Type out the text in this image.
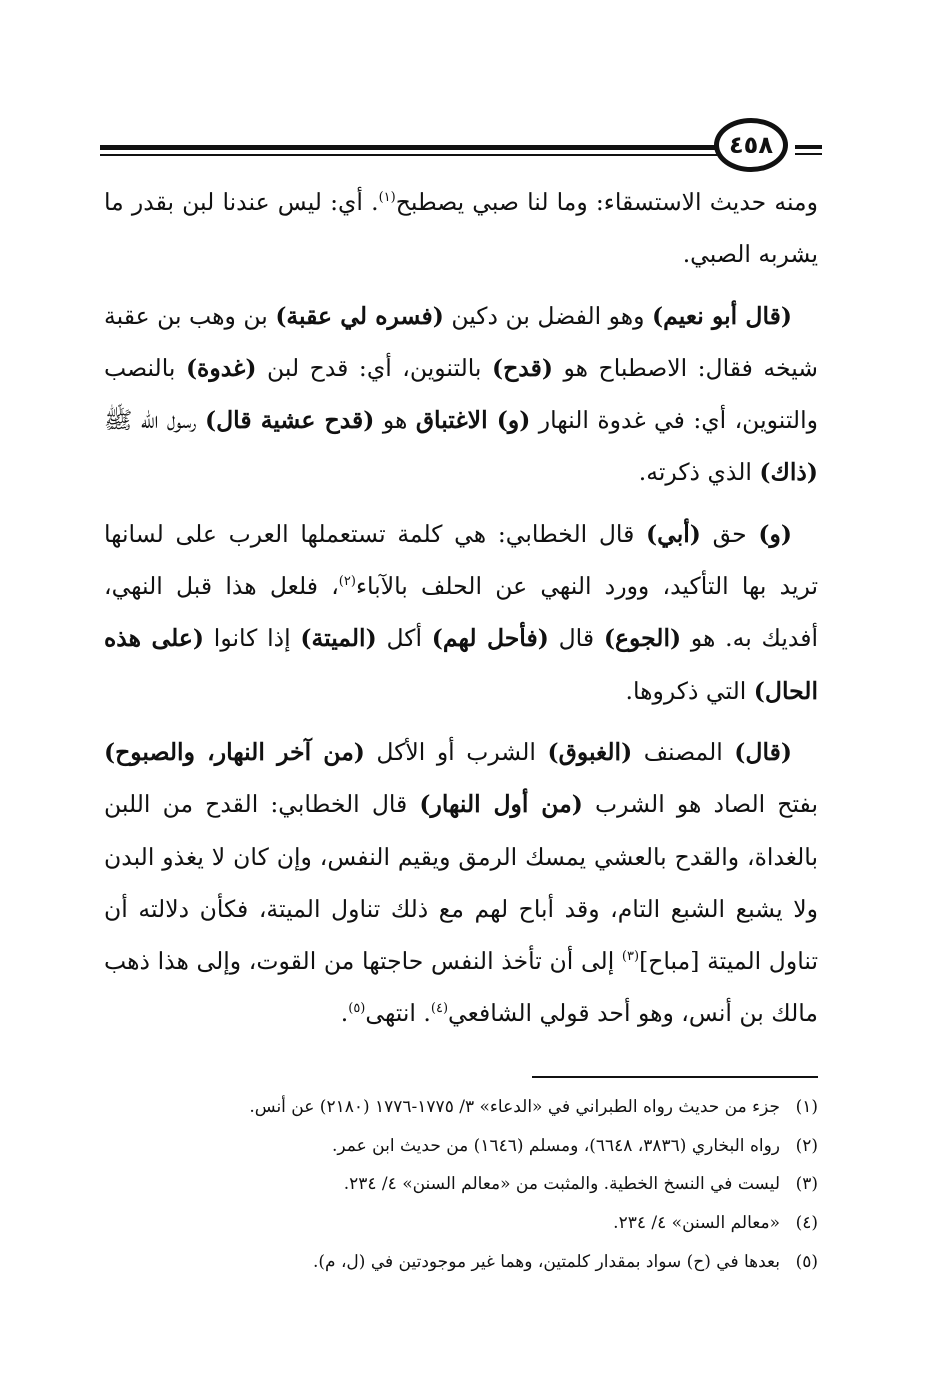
٤٥٨

ومنه حديث الاستسقاء: وما لنا صبي يصطبح$^{(١)}$. أي: ليس عندنا لبن بقدر ما يشربه الصبي.

(قال أبو نعيم) وهو الفضل بن دكين (فسره لي عقبة) بن وهب بن عقبة شيخه فقال: الاصطباح هو (قدح) بالتنوين، أي: قدح لبن (غدوة) بالنصب والتنوين، أي: في غدوة النهار (و) الاغتباق هو (قدح عشية قال) رسول الله ﷺ (ذاك) الذي ذكرته.

(و) حق (أبي) قال الخطابي: هي كلمة تستعملها العرب على لسانها تريد بها التأكيد، وورد النهي عن الحلف بالآباء$^{(٢)}$، فلعل هذا قبل النهي، أفديك به. هو (الجوع) قال (فأحل لهم) أكل (الميتة) إذا كانوا (على هذه الحال) التي ذكروها.

(قال) المصنف (الغبوق) الشرب أو الأكل (من آخر النهار، والصبوح) بفتح الصاد هو الشرب (من أول النهار) قال الخطابي: القدح من اللبن بالغداة، والقدح بالعشي يمسك الرمق ويقيم النفس، وإن كان لا يغذو البدن ولا يشبع الشبع التام، وقد أباح لهم مع ذلك تناول الميتة، فكأن دلالته أن تناول الميتة [مباح]$^{(٣)}$ إلى أن تأخذ النفس حاجتها من القوت، وإلى هذا ذهب مالك بن أنس، وهو أحد قولي الشافعي$^{(٤)}$. انتهى$^{(٥)}$.

(١)
جزء من حديث رواه الطبراني في «الدعاء» ٣/ ١٧٧٥-١٧٧٦ (٢١٨٠) عن أنس.
(٢)
رواه البخاري (٣٨٣٦، ٦٦٤٨)، ومسلم (١٦٤٦) من حديث ابن عمر.
(٣)
ليست في النسخ الخطية. والمثبت من «معالم السنن» ٤/ ٢٣٤.
(٤)
«معالم السنن» ٤/ ٢٣٤.
(٥)
بعدها في (ح) سواد بمقدار كلمتين، وهما غير موجودتين في (ل، م).
